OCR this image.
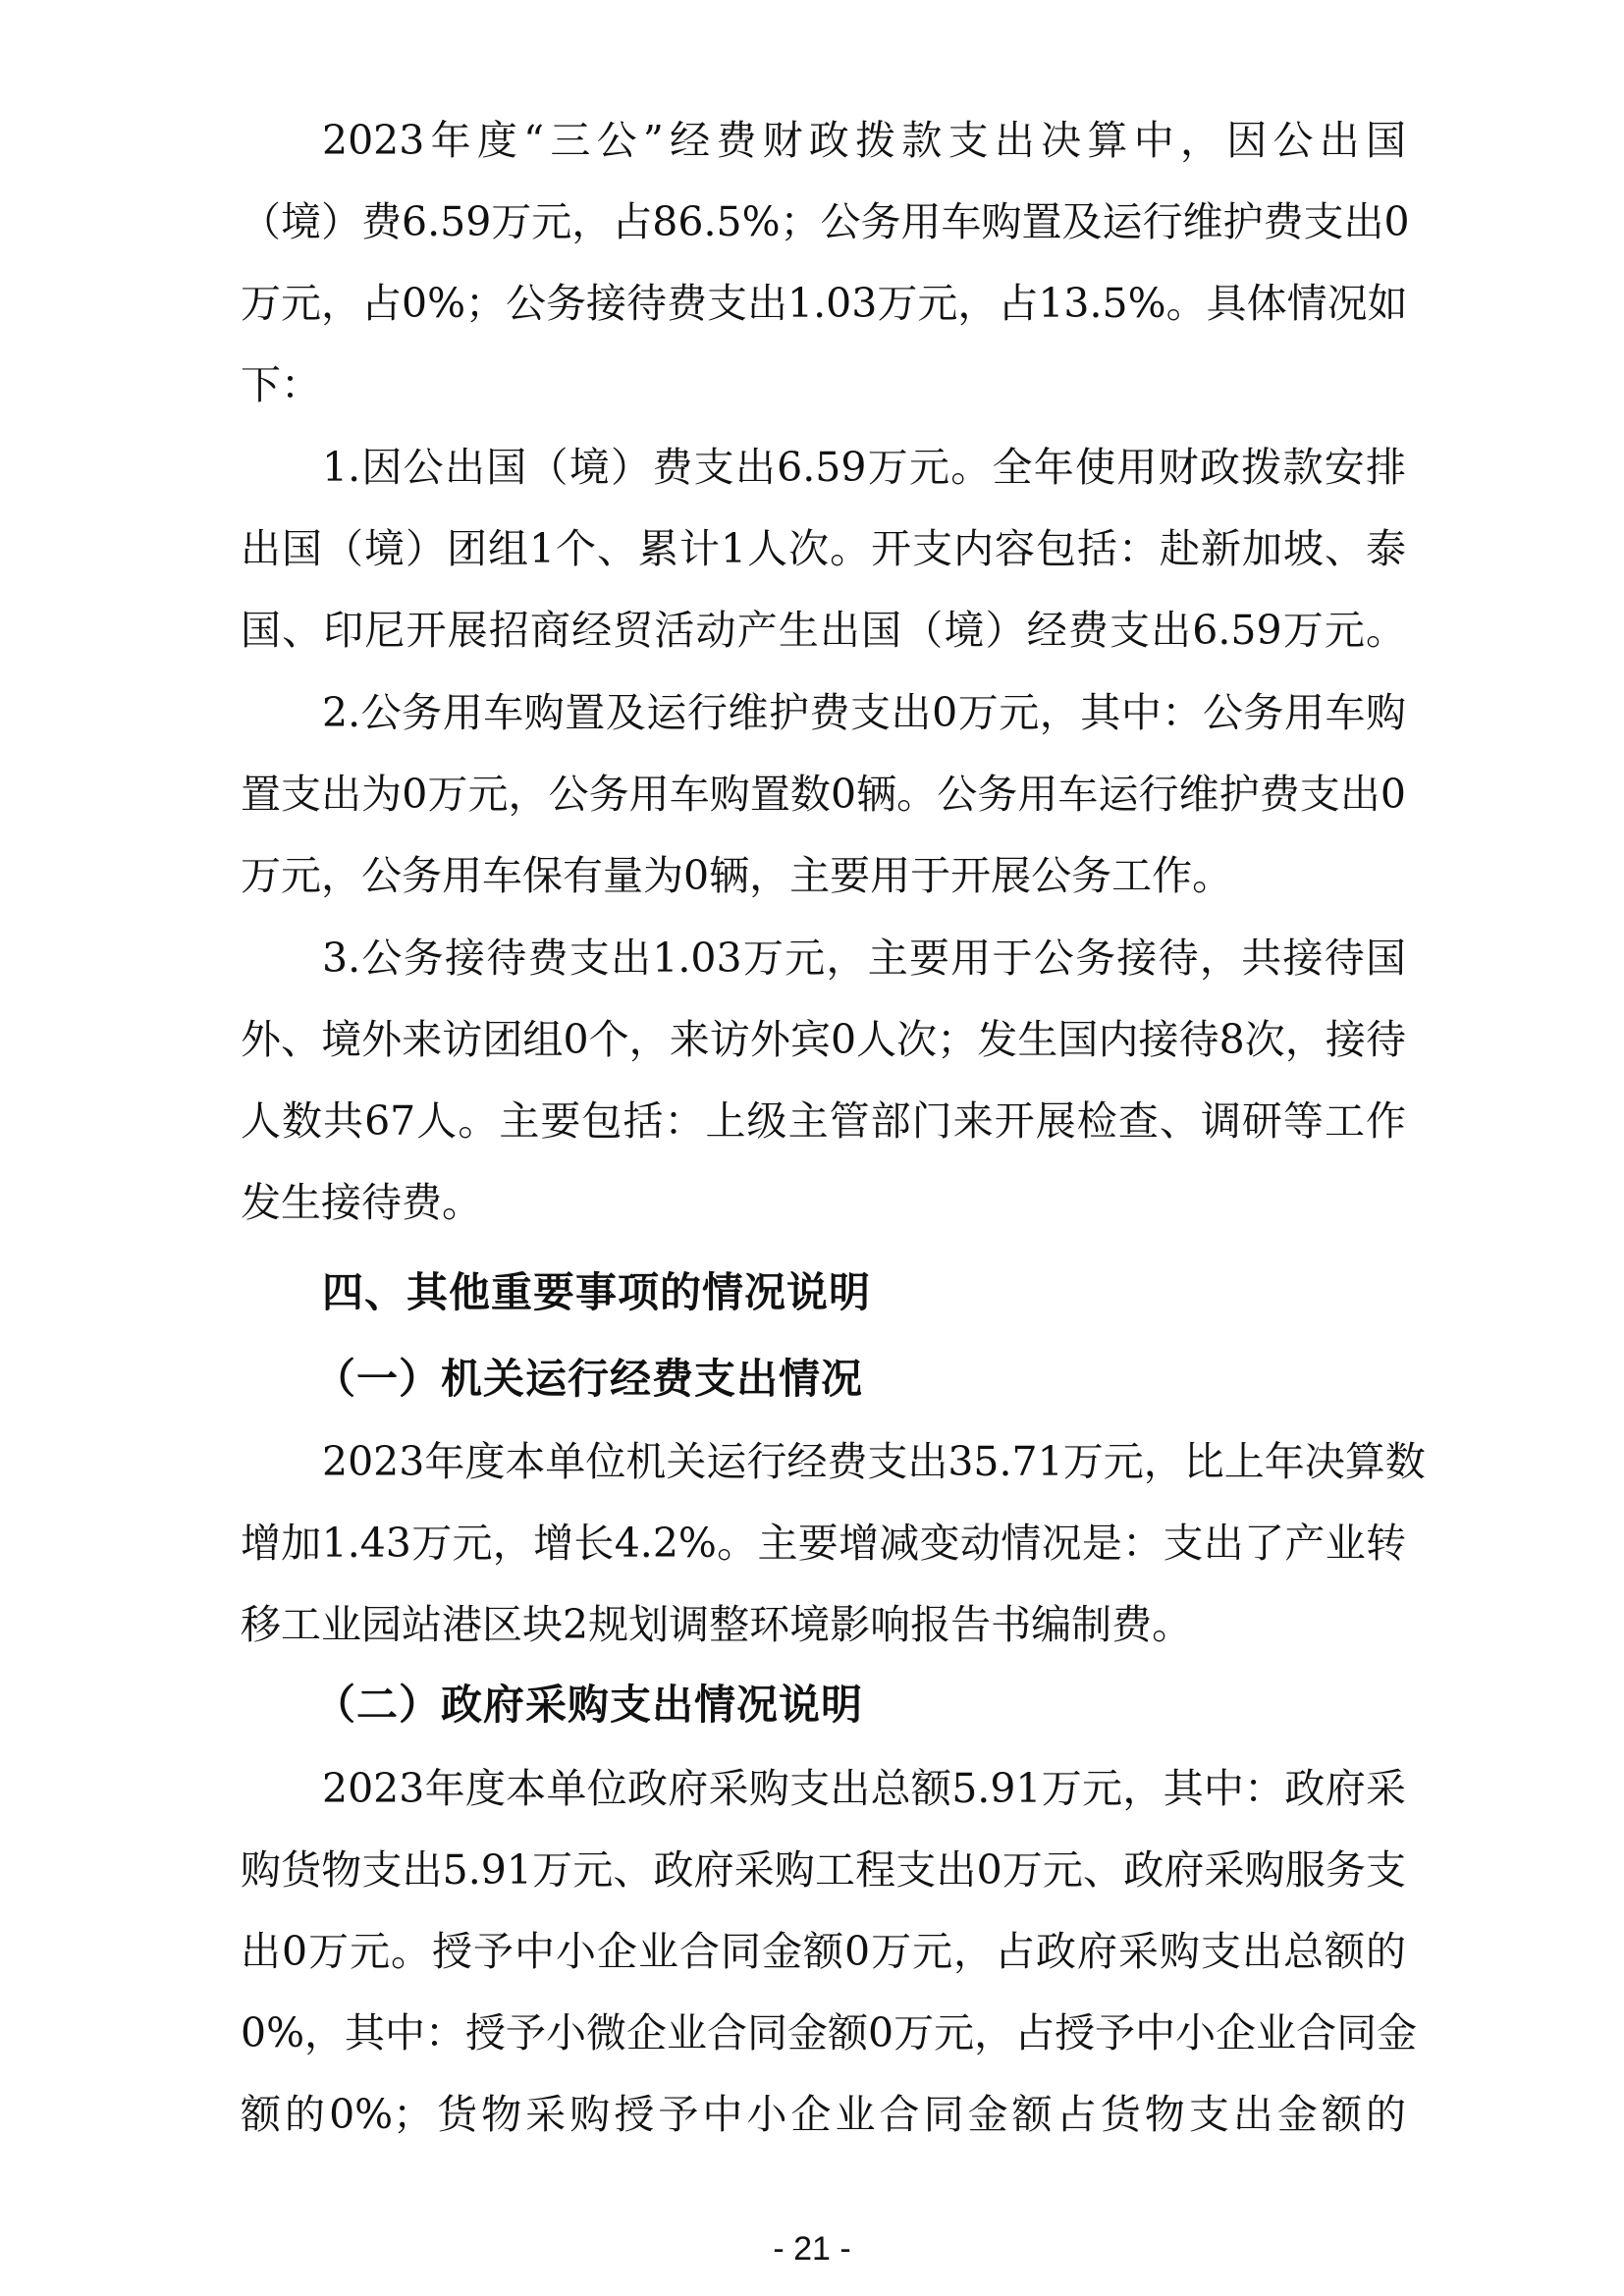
2023年度“三公”经费财政拨款支出决算中，因公出国
（境）费6.59万元，占86.5%；公务用车购置及运行维护费支出0
万元，占0%；公务接待费支出1.03万元，占13.5%。具体情况如
下：
1.因公出国（境）费支出6.59万元。全年使用财政拨款安排
出国（境）团组1个、累计1人次。开支内容包括：赴新加坡、泰
国、印尼开展招商经贸活动产生出国（境）经费支出6.59万元。
2.公务用车购置及运行维护费支出0万元，其中：公务用车购
置支出为0万元，公务用车购置数0辆。公务用车运行维护费支出0
万元，公务用车保有量为0辆，主要用于开展公务工作。
3.公务接待费支出1.03万元，主要用于公务接待，共接待国
外、境外来访团组0个，来访外宾0人次；发生国内接待8次，接待
人数共67人。主要包括：上级主管部门来开展检查、调研等工作
发生接待费。
四、其他重要事项的情况说明
（一）机关运行经费支出情况
2023年度本单位机关运行经费支出35.71万元，比上年决算数
增加1.43万元，增长4.2%。主要增减变动情况是：支出了产业转
移工业园站港区块2规划调整环境影响报告书编制费。
（二）政府采购支出情况说明
2023年度本单位政府采购支出总额5.91万元，其中：政府采
购货物支出5.91万元、政府采购工程支出0万元、政府采购服务支
出0万元。授予中小企业合同金额0万元，占政府采购支出总额的
0%，其中：授予小微企业合同金额0万元，占授予中小企业合同金
额的0%；货物采购授予中小企业合同金额占货物支出金额的
- 21 -
